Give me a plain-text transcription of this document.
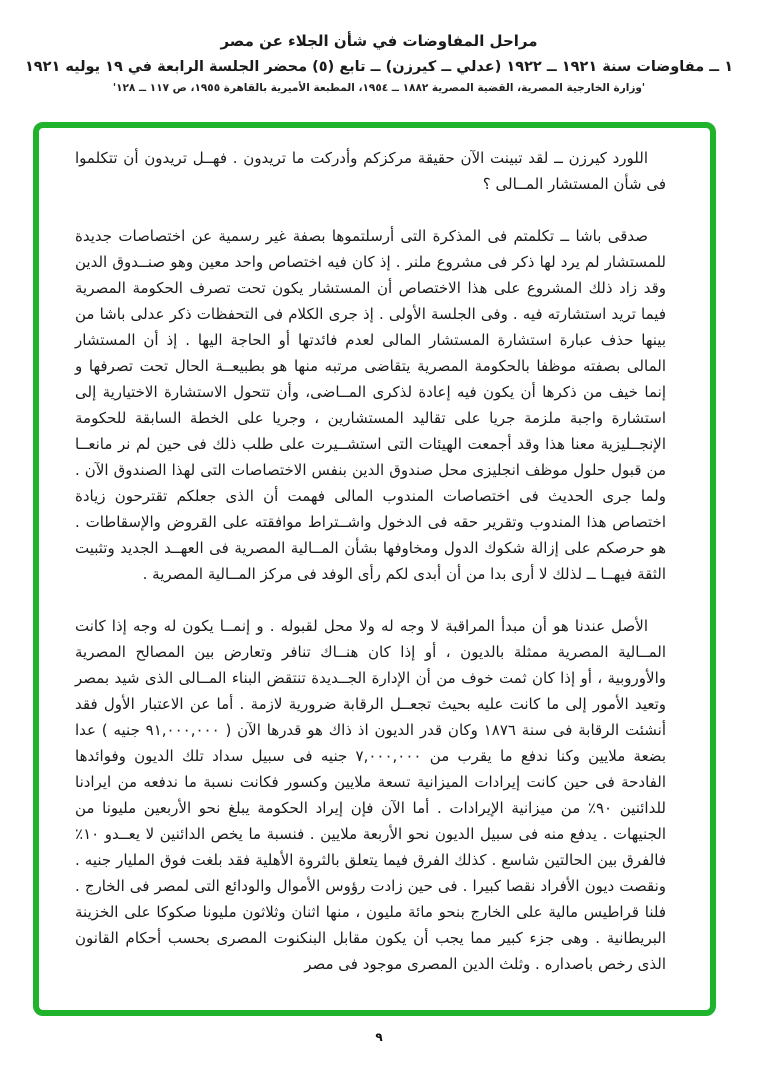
مراحل المفاوضات في شأن الجلاء عن مصر
١ ــ مفاوضات سنة ١٩٢١ ــ ١٩٢٢ (عدلي ــ كيرزن) ــ تابع (٥) محضر الجلسة الرابعة في ١٩ يوليه ١٩٢١
'وزارة الخارجية المصرية، القضية المصرية ١٨٨٢ ــ ١٩٥٤، المطبعة الأميرية بالقاهرة ١٩٥٥، ص ١١٧ ــ ١٢٨'

اللورد كيرزن ــ لقد تبينت الآن حقيقة مركزكم وأدركت ما تريدون . فهــل تريدون أن تتكلموا فى شأن المستشار المــالى ؟

صدقى باشا ــ تكلمتم فى المذكرة التى أرسلتموها بصفة غير رسمية عن اختصاصات جديدة للمستشار لم يرد لها ذكر فى مشروع ملنر . إذ كان فيه اختصاص واحد معين وهو صنــدوق الدين وقد زاد ذلك المشروع على هذا الاختصاص أن المستشار يكون تحت تصرف الحكومة المصرية فيما تريد استشارته فيه . وفى الجلسة الأولى . إذ جرى الكلام فى التحفظات ذكر عدلى باشا من بينها حذف عبارة استشارة المستشار المالى لعدم فائدتها أو الحاجة اليها . إذ أن المستشار المالى بصفته موظفا بالحكومة المصرية يتقاضى مرتبه منها هو بطبيعــة الحال تحت تصرفها و إنما خيف من ذكرها أن يكون فيه إعادة لذكرى المــاضى، وأن تتحول الاستشارة الاختيارية إلى استشارة واجبة ملزمة جريا على تقاليد المستشارين ، وجريا على الخطة السابقة للحكومة الإنجــليزية معنا هذا وقد أجمعت الهيئات التى استشــيرت على طلب ذلك فى حين لم نر مانعــا من قبول حلول موظف انجليزى محل صندوق الدين بنفس الاختصاصات التى لهذا الصندوق الآن . ولما جرى الحديث فى اختصاصات المندوب المالى فهمت أن الذى جعلكم تقترحون زيادة اختصاص هذا المندوب وتقرير حقه فى الدخول واشــتراط موافقته على القروض والإسقاطات . هو حرصكم على إزالة شكوك الدول ومخاوفها بشأن المــالية المصرية فى العهــد الجديد وتثبيت الثقة فيهــا ــ لذلك لا أرى بدا من أن أبدى لكم رأى الوفد فى مركز المــالية المصرية .

الأصل عندنا هو أن مبدأ المراقبة لا وجه له ولا محل لقبوله . و إنمــا يكون له وجه إذا كانت المــالية المصرية ممثلة بالديون ، أو إذا كان هنــاك تنافر وتعارض بين المصالح المصرية والأوروبية ، أو إذا كان ثمت خوف من أن الإدارة الجــديدة تنتقض البناء المــالى الذى شيد بمصر وتعيد الأمور إلى ما كانت عليه بحيث تجعــل الرقابة ضرورية لازمة . أما عن الاعتبار الأول فقد أنشئت الرقابة فى سنة ١٨٧٦ وكان قدر الديون اذ ذاك هو قدرها الآن ( ٩١,٠٠٠,٠٠٠ جنيه ) عدا بضعة ملايين وكنا ندفع ما يقرب من ٧,٠٠٠,٠٠٠ جنيه فى سبيل سداد تلك الديون وفوائدها الفادحة فى حين كانت إيرادات الميزانية تسعة ملايين وكسور فكانت نسبة ما ندفعه من ايرادنا للدائنين ٩٠٪ من ميزانية الإيرادات . أما الآن فإن إيراد الحكومة يبلغ نحو الأربعين مليونا من الجنيهات . يدفع منه فى سبيل الديون نحو الأربعة ملايين . فنسبة ما يخص الدائنين لا يعــدو ١٠٪ فالفرق بين الحالتين شاسع . كذلك الفرق فيما يتعلق بالثروة الأهلية فقد بلغت فوق المليار جنيه . ونقصت ديون الأفراد نقصا كبيرا . فى حين زادت رؤوس الأموال والودائع التى لمصر فى الخارج . فلنا قراطيس مالية على الخارج بنحو مائة مليون ، منها اثنان وثلاثون مليونا صكوكا على الخزينة البريطانية . وهى جزء كبير مما يجب أن يكون مقابل البنكنوت المصرى بحسب أحكام القانون الذى رخص باصداره . وثلث الدين المصرى موجود فى مصر

٩
